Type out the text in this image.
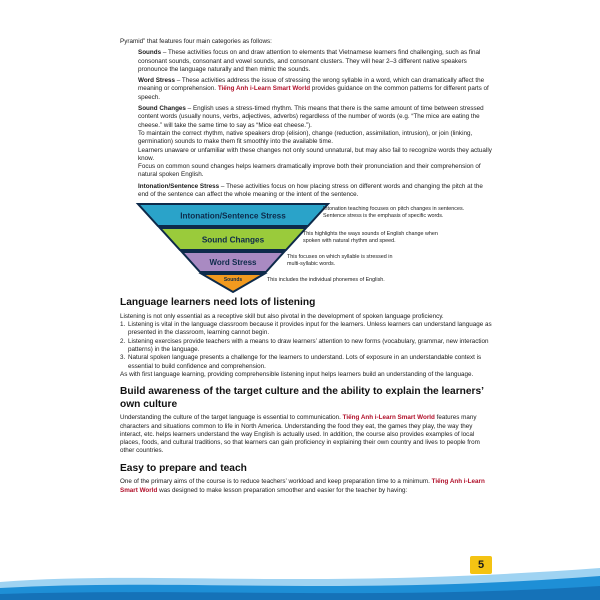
Pyramid” that features four main categories as follows:

Sounds – These activities focus on and draw attention to elements that Vietnamese learners find challenging, such as final consonant sounds, consonant and vowel sounds, and consonant clusters. They will hear 2–3 different native speakers pronounce the language naturally and then mimic the sounds.

Word Stress – These activities address the issue of stressing the wrong syllable in a word, which can dramatically affect the meaning or comprehension. Tiếng Anh i-Learn Smart World provides guidance on the common patterns for different parts of speech.

Sound Changes – English uses a stress-timed rhythm. This means that there is the same amount of time between stressed content words (usually nouns, verbs, adjectives, adverbs) regardless of the number of words (e.g. “The mice are eating the cheese.” will take the same time to say as “Mice eat cheese.”).

To maintain the correct rhythm, native speakers drop (elision), change (reduction, assimilation, intrusion), or join (linking, germination) sounds to make them fit smoothly into the available time.

Learners unaware or unfamiliar with these changes not only sound unnatural, but may also fail to recognize words they actually know.

Focus on common sound changes helps learners dramatically improve both their pronunciation and their comprehension of natural spoken English.

Intonation/Sentence Stress – These activities focus on how placing stress on different words and changing the pitch at the end of the sentence can affect the whole meaning or the intent of the sentence.

Intonation/Sentence Stress
Sound Changes
Word Stress
Sounds
Intonation teaching focuses on pitch changes in sentences.
Sentence stress is the emphasis of specific words.
This highlights the ways sounds of English change when
spoken with natural rhythm and speed.
This focuses on which syllable is stressed in
multi-syllabic words.
This includes the individual phonemes of English.
Language learners need lots of listening

Listening is not only essential as a receptive skill but also pivotal in the development of spoken language proficiency.

1. Listening is vital in the language classroom because it provides input for the learners. Unless learners can understand language as presented in the classroom, learning cannot begin.
2. Listening exercises provide teachers with a means to draw learners’ attention to new forms (vocabulary, grammar, new interaction patterns) in the language.
3. Natural spoken language presents a challenge for the learners to understand. Lots of exposure in an understandable context is essential to build confidence and comprehension.

As with first language learning, providing comprehensible listening input helps learners build an understanding of the language.

Build awareness of the target culture and the ability to explain the learners’ own culture

Understanding the culture of the target language is essential to communication. Tiếng Anh i-Learn Smart World features many characters and situations common to life in North America. Understanding the food they eat, the games they play, the way they interact, etc. helps learners understand the way English is actually used. In addition, the course also provides examples of local places, foods, and cultural traditions, so that learners can gain proficiency in explaining their own country and lives to people from other countries.

Easy to prepare and teach

One of the primary aims of the course is to reduce teachers’ workload and keep preparation time to a minimum. Tiếng Anh i-Learn Smart World was designed to make lesson preparation smoother and easier for the teacher by having:

5
